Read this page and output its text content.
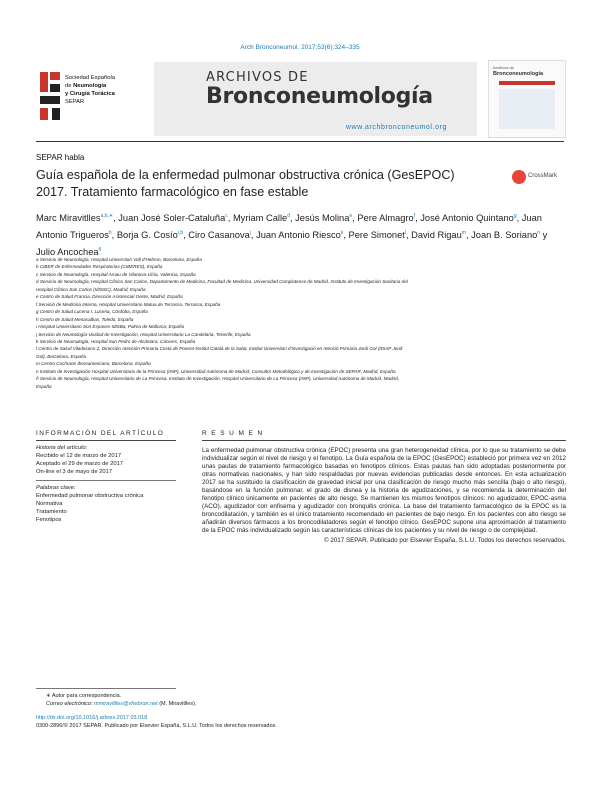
Arch Bronconeumol. 2017;53(6):324–335
Sociedad Española
de Neumología
y Cirugía Torácica
SEPAR
ARCHIVOS DE
Bronconeumología
www.archbronconeumol.org
Archivos de
Bronconeumología
SEPAR habla
Guía española de la enfermedad pulmonar obstructiva crónica (GesEPOC) 2017. Tratamiento farmacológico en fase estable
CrossMark
Marc Miravitlles$^{a,b,∗}$, Juan José Soler-Cataluña$^c$, Myriam Calle$^d$, Jesús Molina$^e$, Pere Almagro$^f$, José Antonio Quintano$^g$, Juan Antonio Trigueros$^h$, Borja G. Cosío$^{i,b}$, Ciro Casanova$^j$, Juan Antonio Riesco$^k$, Pere Simonet$^l$, David Rigau$^m$, Joan B. Soriano$^n$ y Julio Ancochea$^ñ$
a Servicio de Neumología, Hospital Universitari Vall d'Hebron, Barcelona, España
b CIBER de Enfermedades Respiratorias (CIBERES), España
c Servicio de Neumología, Hospital Arnau de Vilanova-Llíria, Valencia, España
d Servicio de Neumología, Hospital Clínico San Carlos, Departamento de Medicina, Facultad de Medicina, Universidad Complutense de Madrid, Instituto de Investigación Sanitaria del
Hospital Clínico San Carlos (IdISSC), Madrid, España
e Centro de Salud Francia, Dirección Asistencial Oeste, Madrid, España
f Servicio de Medicina Interna, Hospital Universitario Mutua de Terrassa, Terrassa, España
g Centro de Salud Lucena I, Lucena, Córdoba, España
h Centro de Salud Menasalbas, Toledo, España
i Hospital Universitario Son Espases-IdISBa, Palma de Mallorca, España
j Servicio de Neumología-Unidad de Investigación, Hospital Universitario La Candelaria, Tenerife, España
k Servicio de Neumología, Hospital San Pedro de Alcántara, Cáceres, España
l Centro de Salud Viladecans-2, Dirección Atención Primaria Costa de Ponent-Institut Català de la Salut, Institut Universitari d'Investigació en Atenció Primària Jordi Gol (IDIAP Jordi
Gol), Barcelona, España
m Centro Cochrane Iberoamericano, Barcelona, España
n Instituto de Investigación Hospital Universitario de la Princesa (IISP), Universidad Autónoma de Madrid, Consultor Metodológico y de Investigación de SEPAR, Madrid, España
ñ Servicio de Neumología, Hospital Universitario de La Princesa, Instituto de Investigación, Hospital Universitario de La Princesa (IISP), Universidad Autónoma de Madrid, Madrid,
España
INFORMACIÓN DEL ARTÍCULO
Historia del artículo:
Recibido el 12 de marzo de 2017
Aceptado el 29 de marzo de 2017
On-line el 3 de mayo de 2017
Palabras clave:
Enfermedad pulmonar obstructiva crónica
Normativa
Tratamiento
Fenotipos
R E S U M E N
La enfermedad pulmonar obstructiva crónica (EPOC) presenta una gran heterogeneidad clínica, por lo que su tratamiento se debe individualizar según el nivel de riesgo y el fenotipo. La Guía española de la EPOC (GesEPOC) estableció por primera vez en 2012 unas pautas de tratamiento farmacológico basadas en fenotipos clínicos. Estas pautas han sido adoptadas posteriormente por otras normativas nacionales, y han sido respaldadas por nuevas evidencias publicadas desde entonces. En esta actualización 2017 se ha sustituido la clasificación de gravedad inicial por una clasificación de riesgo mucho más sencilla (bajo o alto riesgo), basándose en la función pulmonar, el grado de disnea y la historia de agudizaciones, y se recomienda la determinación del fenotipo clínico únicamente en pacientes de alto riesgo. Se mantienen los mismos fenotipos clínicos: no agudizador, EPOC-asma (ACO), agudizador con enfisema y agudizador con bronquitis crónica. La base del tratamiento farmacológico de la EPOC es la broncodilatación, y también es el único tratamiento recomendado en pacientes de bajo riesgo. En los pacientes con alto riesgo se añadirán diversos fármacos a los broncodilatadores según el fenotipo clínico. GesEPOC supone una aproximación al tratamiento de la EPOC más individualizado según las características clínicas de los pacientes y su nivel de riesgo o de complejidad.
© 2017 SEPAR. Publicado por Elsevier España, S.L.U. Todos los derechos reservados.
∗ Autor para correspondencia.
Correo electrónico: mmiravitlles@vhebron.net (M. Miravitlles).
http://dx.doi.org/10.1016/j.arbres.2017.03.018
0300-2896/© 2017 SEPAR. Publicado por Elsevier España, S.L.U. Todos los derechos reservados.
